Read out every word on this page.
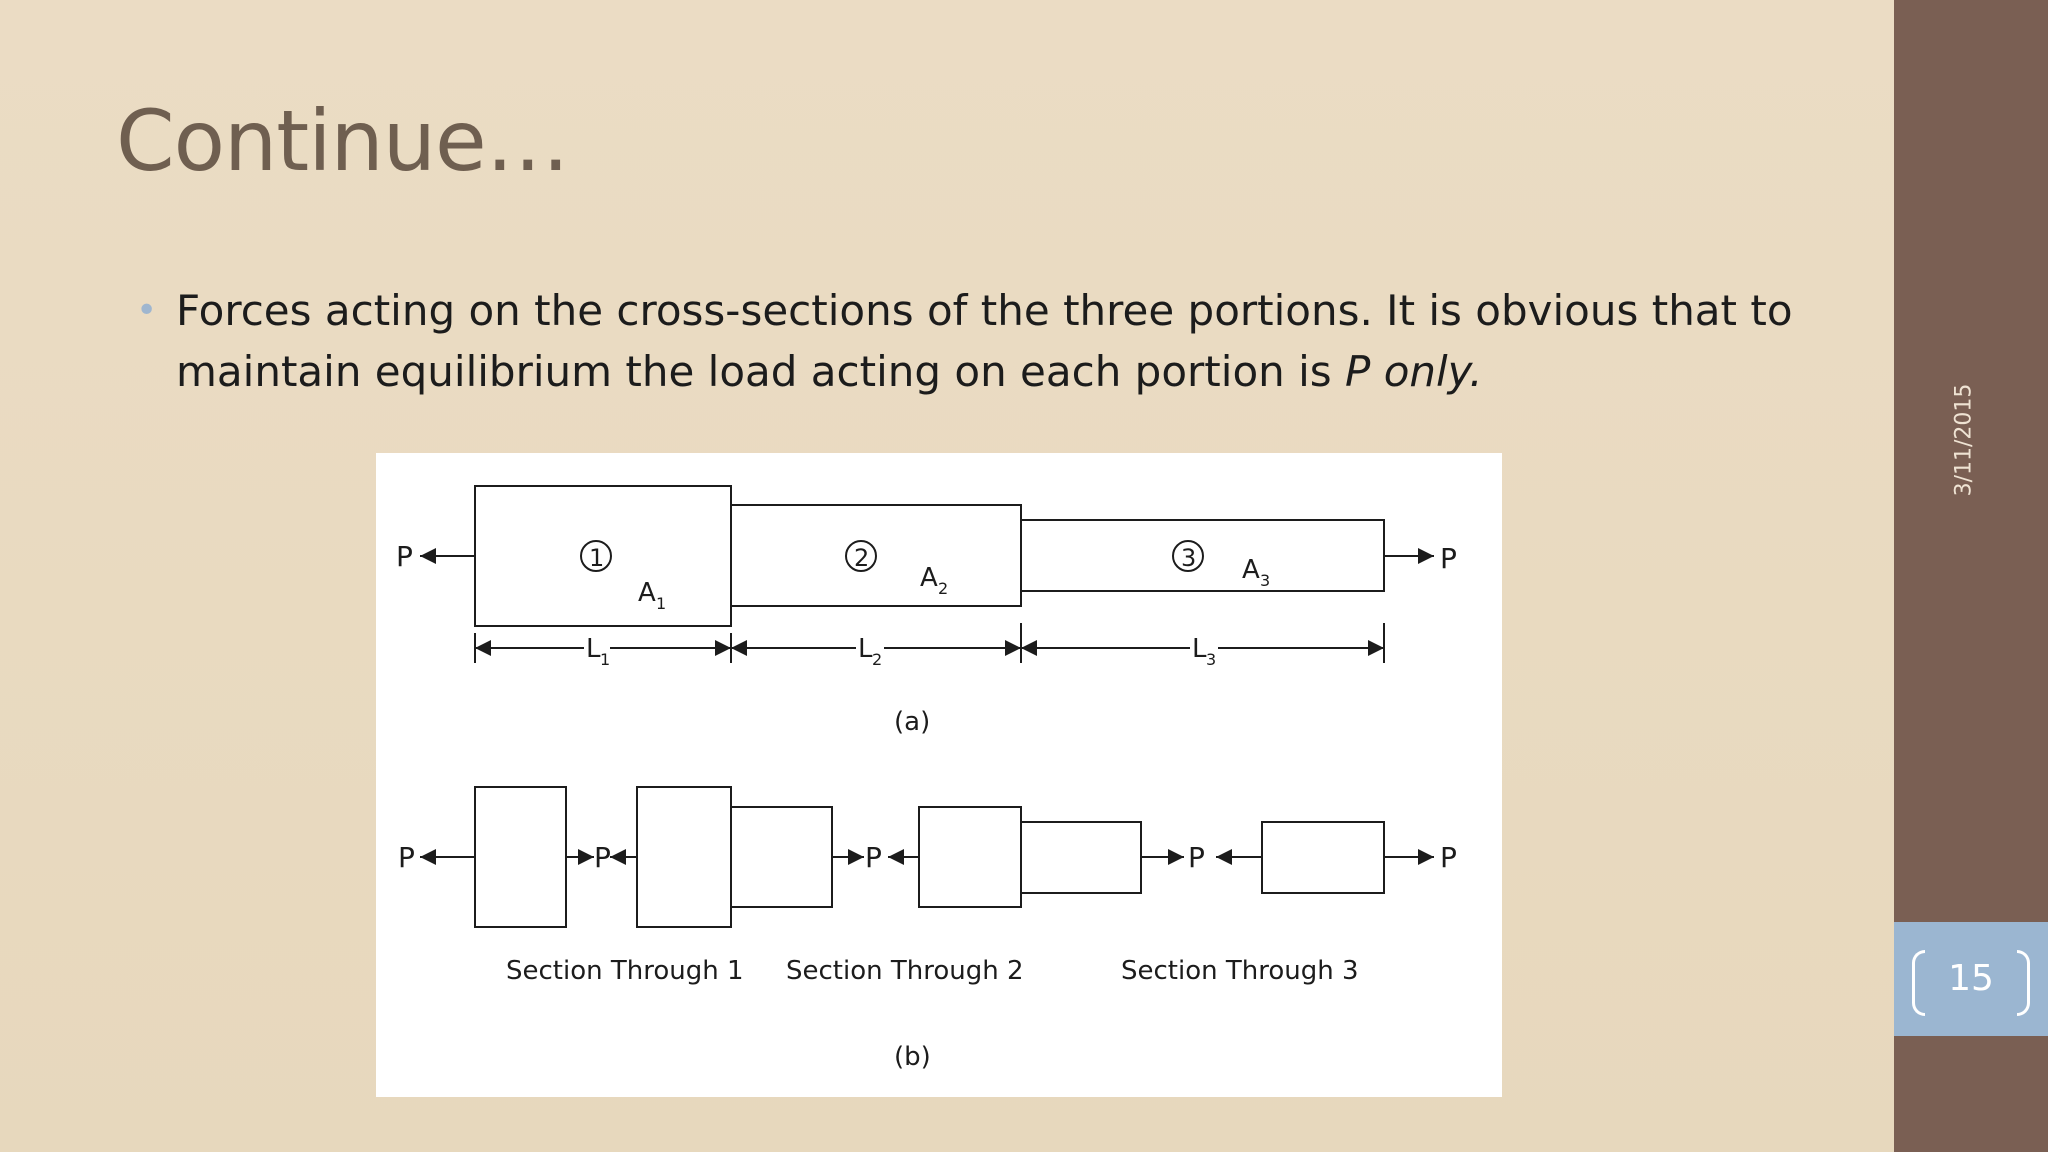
Continue…
• Forces acting on the cross-sections of the three portions. It is obvious that to maintain equilibrium the load acting on each portion is P only.
P	P
1	2	3
A 1
A 2
A 3
L 1	L 2	L 3
(a)
P	P	P	P	P
Section Through 1 Section Through 2	Section Through 3
(b)
3/11/2015
15
